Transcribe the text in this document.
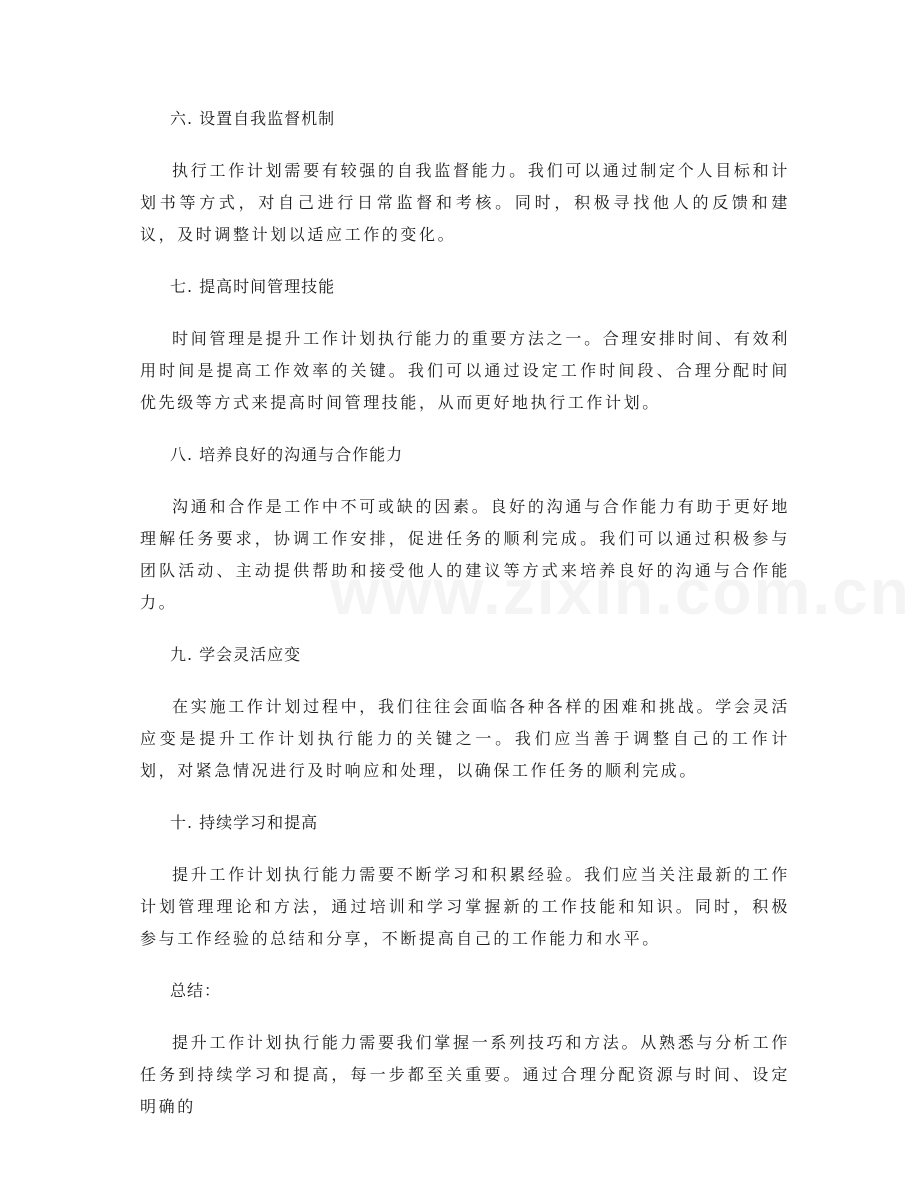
六. 设置自我监督机制

执行工作计划需要有较强的自我监督能力。我们可以通过制定个人目标和计划书等方式，对自己进行日常监督和考核。同时，积极寻找他人的反馈和建议，及时调整计划以适应工作的变化。

七. 提高时间管理技能

时间管理是提升工作计划执行能力的重要方法之一。合理安排时间、有效利用时间是提高工作效率的关键。我们可以通过设定工作时间段、合理分配时间优先级等方式来提高时间管理技能，从而更好地执行工作计划。

八. 培养良好的沟通与合作能力

沟通和合作是工作中不可或缺的因素。良好的沟通与合作能力有助于更好地理解任务要求，协调工作安排，促进任务的顺利完成。我们可以通过积极参与团队活动、主动提供帮助和接受他人的建议等方式来培养良好的沟通与合作能力。

九. 学会灵活应变

在实施工作计划过程中，我们往往会面临各种各样的困难和挑战。学会灵活应变是提升工作计划执行能力的关键之一。我们应当善于调整自己的工作计划，对紧急情况进行及时响应和处理，以确保工作任务的顺利完成。

十. 持续学习和提高

提升工作计划执行能力需要不断学习和积累经验。我们应当关注最新的工作计划管理理论和方法，通过培训和学习掌握新的工作技能和知识。同时，积极参与工作经验的总结和分享，不断提高自己的工作能力和水平。

总结：

提升工作计划执行能力需要我们掌握一系列技巧和方法。从熟悉与分析工作任务到持续学习和提高，每一步都至关重要。通过合理分配资源与时间、设定明确的
